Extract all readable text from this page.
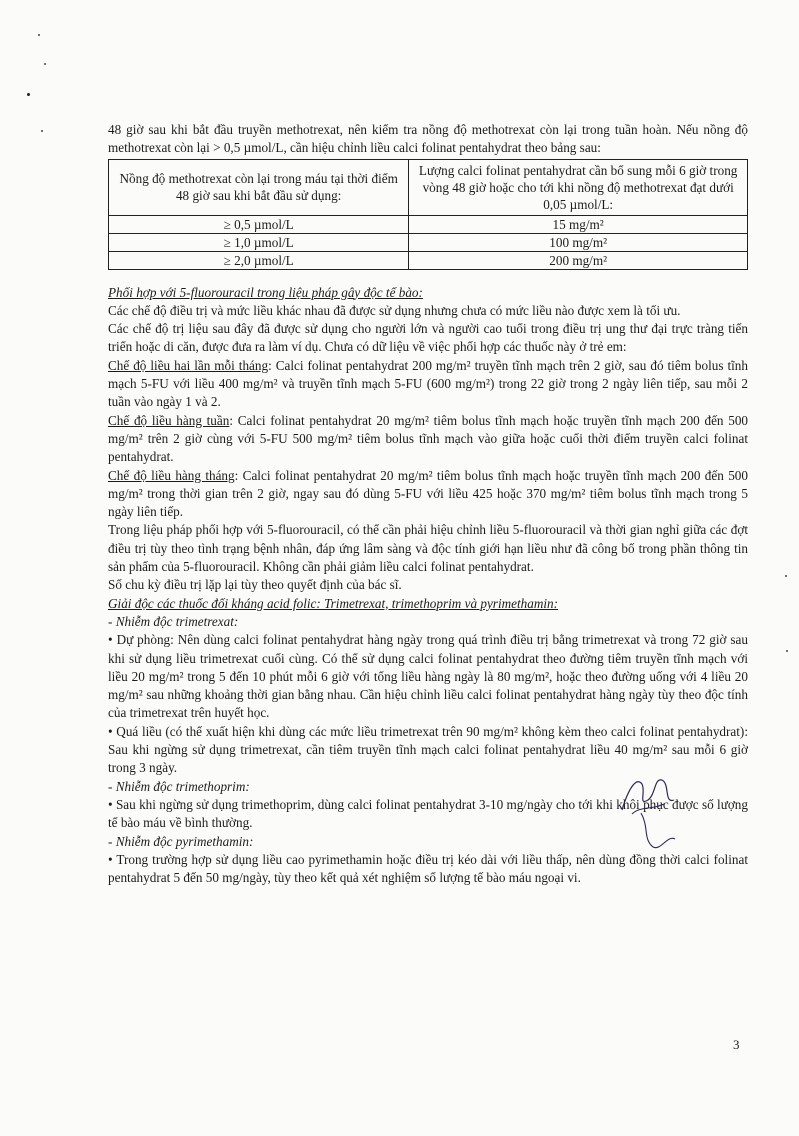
48 giờ sau khi bắt đầu truyền methotrexat, nên kiểm tra nồng độ methotrexat còn lại trong tuần hoàn. Nếu nồng độ methotrexat còn lại > 0,5 µmol/L, cần hiệu chỉnh liều calci folinat pentahydrat theo bảng sau:

Nồng độ methotrexat còn lại trong máu tại thời điểm 48 giờ sau khi bắt đầu sử dụng:	Lượng calci folinat pentahydrat cần bổ sung mỗi 6 giờ trong vòng 48 giờ hoặc cho tới khi nồng độ methotrexat đạt dưới 0,05 µmol/L:
≥ 0,5 µmol/L	15 mg/m²
≥ 1,0 µmol/L	100 mg/m²
≥ 2,0 µmol/L	200 mg/m²

Phối hợp với 5-fluorouracil trong liệu pháp gây độc tế bào:

Các chế độ điều trị và mức liều khác nhau đã được sử dụng nhưng chưa có mức liều nào được xem là tối ưu.

Các chế độ trị liệu sau đây đã được sử dụng cho người lớn và người cao tuổi trong điều trị ung thư đại trực tràng tiến triển hoặc di căn, được đưa ra làm ví dụ. Chưa có dữ liệu về việc phối hợp các thuốc này ở trẻ em:

Chế độ liều hai lần mỗi tháng: Calci folinat pentahydrat 200 mg/m² truyền tĩnh mạch trên 2 giờ, sau đó tiêm bolus tĩnh mạch 5-FU với liều 400 mg/m² và truyền tĩnh mạch 5-FU (600 mg/m²) trong 22 giờ trong 2 ngày liên tiếp, sau mỗi 2 tuần vào ngày 1 và 2.

Chế độ liều hàng tuần: Calci folinat pentahydrat 20 mg/m² tiêm bolus tĩnh mạch hoặc truyền tĩnh mạch 200 đến 500 mg/m² trên 2 giờ cùng với 5-FU 500 mg/m² tiêm bolus tĩnh mạch vào giữa hoặc cuối thời điểm truyền calci folinat pentahydrat.

Chế độ liều hàng tháng: Calci folinat pentahydrat 20 mg/m² tiêm bolus tĩnh mạch hoặc truyền tĩnh mạch 200 đến 500 mg/m² trong thời gian trên 2 giờ, ngay sau đó dùng 5-FU với liều 425 hoặc 370 mg/m² tiêm bolus tĩnh mạch trong 5 ngày liên tiếp.

Trong liệu pháp phối hợp với 5-fluorouracil, có thể cần phải hiệu chỉnh liều 5-fluorouracil và thời gian nghỉ giữa các đợt điều trị tùy theo tình trạng bệnh nhân, đáp ứng lâm sàng và độc tính giới hạn liều như đã công bố trong phần thông tin sản phẩm của 5-fluorouracil. Không cần phải giảm liều calci folinat pentahydrat.

Số chu kỳ điều trị lặp lại tùy theo quyết định của bác sĩ.

Giải độc các thuốc đối kháng acid folic: Trimetrexat, trimethoprim và pyrimethamin:

- Nhiễm độc trimetrexat:

• Dự phòng: Nên dùng calci folinat pentahydrat hàng ngày trong quá trình điều trị bằng trimetrexat và trong 72 giờ sau khi sử dụng liều trimetrexat cuối cùng. Có thể sử dụng calci folinat pentahydrat theo đường tiêm truyền tĩnh mạch với liều 20 mg/m² trong 5 đến 10 phút mỗi 6 giờ với tổng liều hàng ngày là 80 mg/m², hoặc theo đường uống với 4 liều 20 mg/m² sau những khoảng thời gian bằng nhau. Cần hiệu chỉnh liều calci folinat pentahydrat hàng ngày tùy theo độc tính của trimetrexat trên huyết học.

• Quá liều (có thể xuất hiện khi dùng các mức liều trimetrexat trên 90 mg/m² không kèm theo calci folinat pentahydrat): Sau khi ngừng sử dụng trimetrexat, cần tiêm truyền tĩnh mạch calci folinat pentahydrat liều 40 mg/m² sau mỗi 6 giờ trong 3 ngày.

- Nhiễm độc trimethoprim:

• Sau khi ngừng sử dụng trimethoprim, dùng calci folinat pentahydrat 3-10 mg/ngày cho tới khi khôi phục được số lượng tế bào máu về bình thường.

- Nhiễm độc pyrimethamin:

• Trong trường hợp sử dụng liều cao pyrimethamin hoặc điều trị kéo dài với liều thấp, nên dùng đồng thời calci folinat pentahydrat 5 đến 50 mg/ngày, tùy theo kết quả xét nghiệm số lượng tế bào máu ngoại vi.

3
